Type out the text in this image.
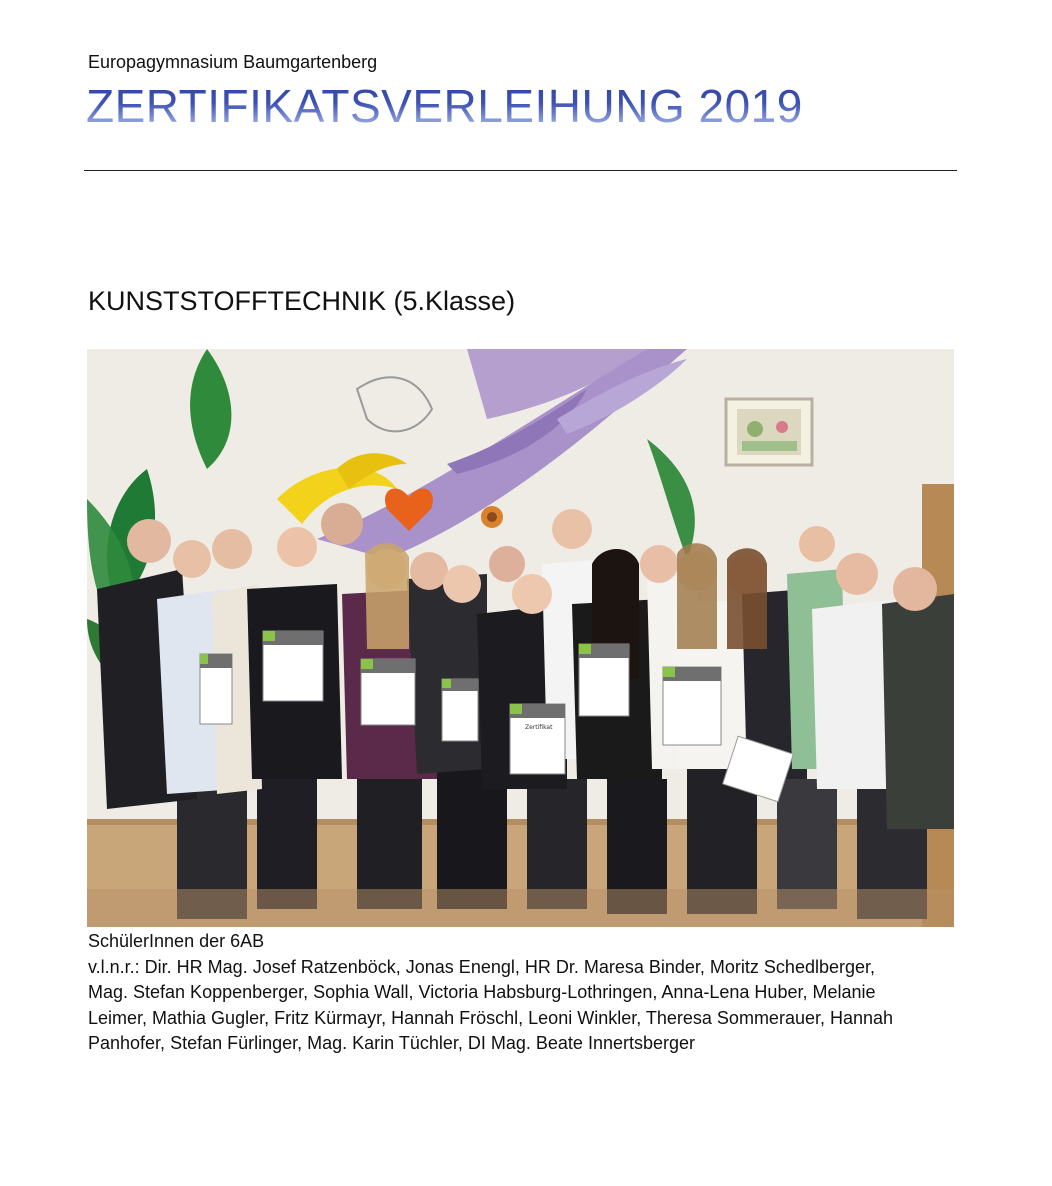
Europagymnasium Baumgartenberg
ZERTIFIKATSVERLEIHUNG 2019
KUNSTSTOFFTECHNIK (5.Klasse)
Zertifikat
SchülerInnen der 6AB
v.l.n.r.: Dir. HR Mag. Josef Ratzenböck, Jonas Enengl, HR Dr. Maresa Binder, Moritz Schedlberger,
Mag. Stefan Koppenberger, Sophia Wall, Victoria Habsburg-Lothringen, Anna-Lena Huber, Melanie
Leimer, Mathia Gugler, Fritz Kürmayr, Hannah Fröschl, Leoni Winkler, Theresa Sommerauer, Hannah
Panhofer, Stefan Fürlinger, Mag. Karin Tüchler, DI Mag. Beate Innertsberger
